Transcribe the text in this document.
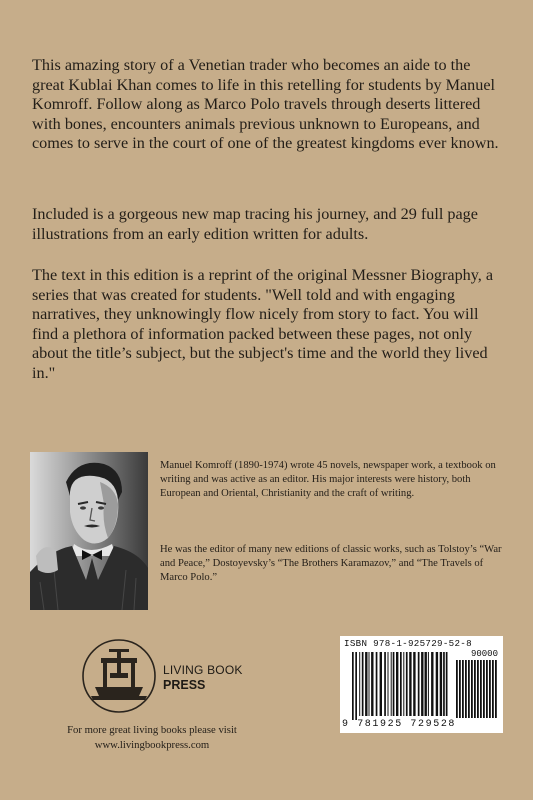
This amazing story of a Venetian trader who becomes an aide to the great Kublai Khan comes to life in this retelling for students by Manuel Komroff. Follow along as Marco Polo travels through deserts littered with bones, encounters animals previous unknown to Europeans, and comes to serve in the court of one of the greatest kingdoms ever known.

Included is a gorgeous new map tracing his journey, and 29 full page illustrations from an early edition written for adults.

The text in this edition is a reprint of the original Messner Biography, a series that was created for students. "Well told and with engaging narratives, they unknowingly flow nicely from story to fact. You will find a plethora of information packed between these pages, not only about the title’s subject, but the subject's time and the world they lived in."

Manuel Komroff (1890-1974) wrote 45 novels, newspaper work, a textbook on writing and was active as an editor. His major interests were history, both European and Oriental, Christianity and the craft of writing.

He was the editor of many new editions of classic works, such as Tolstoy’s “War and Peace,” Dostoyevsky’s “The Brothers Karamazov,” and “The Travels of Marco Polo.”

LIVING BOOK
PRESS
For more great living books please visit
www.livingbookpress.com
ISBN 978-1-925729-52-8
90000
9 781925 729528
